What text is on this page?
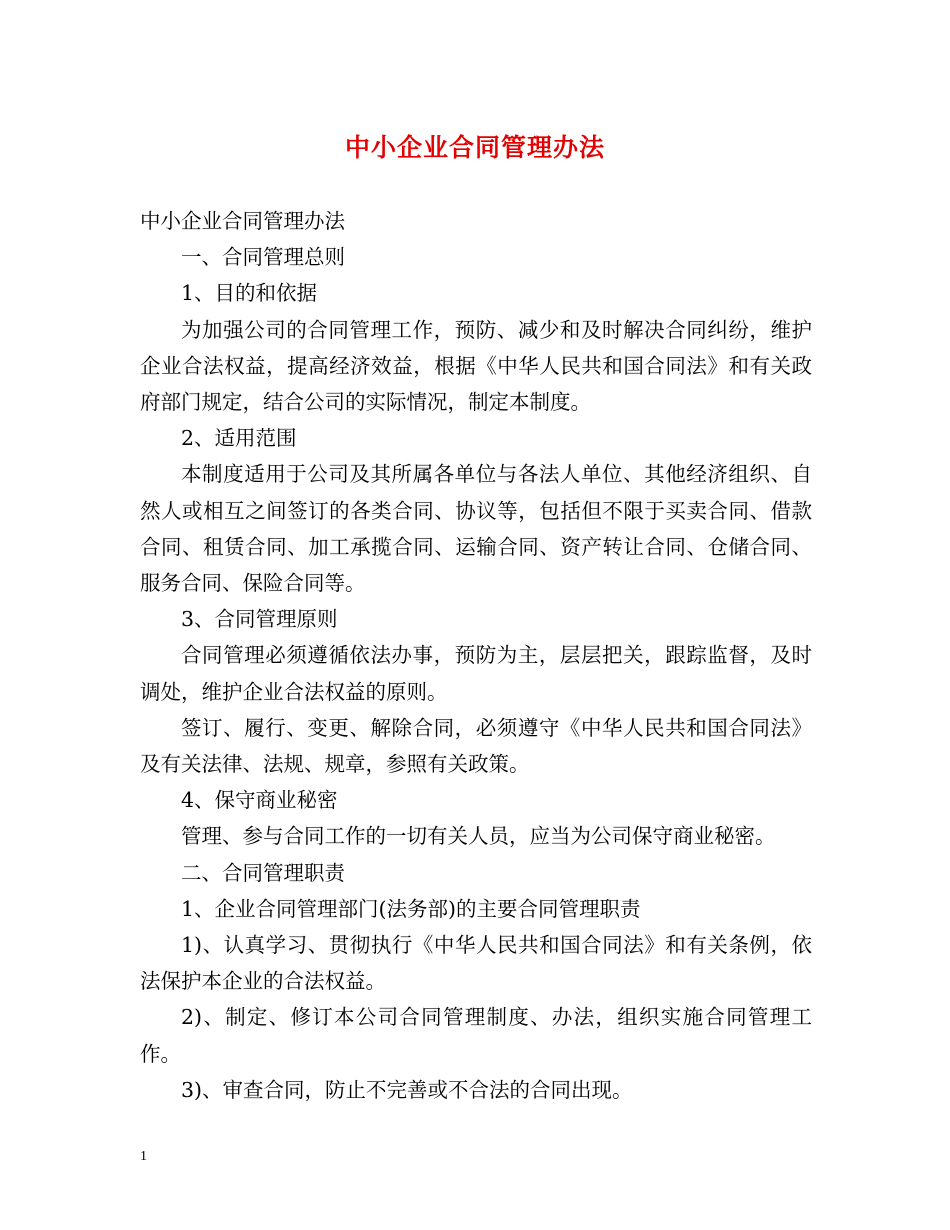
中小企业合同管理办法

中小企业合同管理办法

一、合同管理总则

1、目的和依据

为加强公司的合同管理工作，预防、减少和及时解决合同纠纷，维护企业合法权益，提高经济效益，根据《中华人民共和国合同法》和有关政府部门规定，结合公司的实际情况，制定本制度。

2、适用范围

本制度适用于公司及其所属各单位与各法人单位、其他经济组织、自然人或相互之间签订的各类合同、协议等，包括但不限于买卖合同、借款合同、租赁合同、加工承揽合同、运输合同、资产转让合同、仓储合同、服务合同、保险合同等。

3、合同管理原则

合同管理必须遵循依法办事，预防为主，层层把关，跟踪监督，及时调处，维护企业合法权益的原则。

签订、履行、变更、解除合同，必须遵守《中华人民共和国合同法》及有关法律、法规、规章，参照有关政策。

4、保守商业秘密

管理、参与合同工作的一切有关人员，应当为公司保守商业秘密。

二、合同管理职责

1、企业合同管理部门(法务部)的主要合同管理职责

1)、认真学习、贯彻执行《中华人民共和国合同法》和有关条例，依法保护本企业的合法权益。

2)、制定、修订本公司合同管理制度、办法，组织实施合同管理工作。

3)、审查合同，防止不完善或不合法的合同出现。

1
